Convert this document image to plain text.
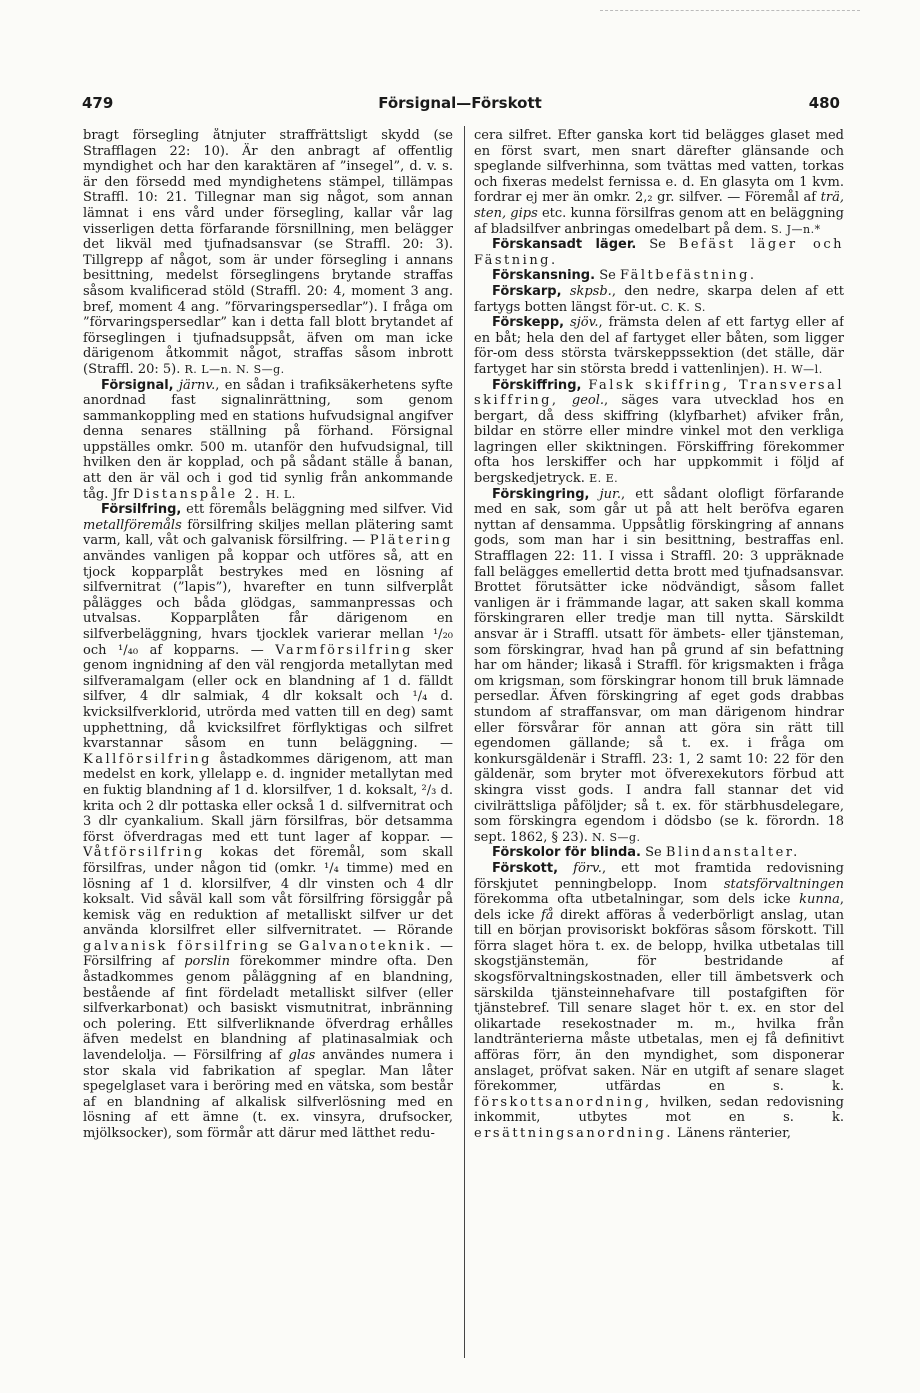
479	Försignal—Förskott	480

bragt försegling åtnjuter straffrättsligt skydd (se Strafflagen 22: 10). Är den anbragt af offentlig myndighet och har den karaktären af ”insegel”, d. v. s. är den försedd med myndighetens stämpel, tillämpas Straffl. 10: 21. Tillegnar man sig något, som annan lämnat i ens vård under försegling, kallar vår lag visserligen detta förfarande försnillning, men belägger det likväl med tjufnadsansvar (se Straffl. 20: 3). Tillgrepp af något, som är under försegling i annans besittning, medelst förseglingens brytande straffas såsom kvalificerad stöld (Straffl. 20: 4, moment 3 ang. bref, moment 4 ang. ”förvaringspersedlar”). I fråga om ”förvaringspersedlar” kan i detta fall blott brytandet af förseglingen i tjufnadsuppsåt, äfven om man icke därigenom åtkommit något, straffas såsom inbrott (Straffl. 20: 5). R. L—n. N. S—g.

Försignal, järnv., en sådan i trafiksäkerhetens syfte anordnad fast signalinrättning, som genom sammankoppling med en stations hufvudsignal angifver denna senares ställning på förhand. Försignal uppställes omkr. 500 m. utanför den hufvudsignal, till hvilken den är kopplad, och på sådant ställe å banan, att den är väl och i god tid synlig från ankommande tåg. Jfr Distanspåle 2. H. L.

Försilfring, ett föremåls beläggning med silfver. Vid metallföremåls försilfring skiljes mellan plätering samt varm, kall, våt och galvanisk försilfring. — Plätering användes vanligen på koppar och utföres så, att en tjock kopparplåt bestrykes med en lösning af silfvernitrat (”lapis”), hvarefter en tunn silfverplåt pålägges och båda glödgas, sammanpressas och utvalsas. Kopparplåten får därigenom en silfverbeläggning, hvars tjocklek varierar mellan ¹/₂₀ och ¹/₄₀ af kopparns. — Varmförsilfring sker genom ingnidning af den väl rengjorda metallytan med silfveramalgam (eller ock en blandning af 1 d. fälldt silfver, 4 dlr salmiak, 4 dlr koksalt och ¹/₄ d. kvicksilfverklorid, utrörda med vatten till en deg) samt upphettning, då kvicksilfret förflyktigas och silfret kvarstannar såsom en tunn beläggning. — Kallförsilfring åstadkommes därigenom, att man medelst en kork, yllelapp e. d. ingnider metallytan med en fuktig blandning af 1 d. klorsilfver, 1 d. koksalt, ²/₃ d. krita och 2 dlr pottaska eller också 1 d. silfvernitrat och 3 dlr cyankalium. Skall järn försilfras, bör detsamma först öfverdragas med ett tunt lager af koppar. — Våtförsilfring kokas det föremål, som skall försilfras, under någon tid (omkr. ¹/₄ timme) med en lösning af 1 d. klorsilfver, 4 dlr vinsten och 4 dlr koksalt. Vid såväl kall som våt försilfring försiggår på kemisk väg en reduktion af metalliskt silfver ur det använda klorsilfret eller silfvernitratet. — Rörande galvanisk försilfring se Galvanoteknik. — Försilfring af porslin förekommer mindre ofta. Den åstadkommes genom påläggning af en blandning, bestående af fint fördeladt metalliskt silfver (eller silfverkarbonat) och basiskt vismutnitrat, inbränning och polering. Ett silfverliknande öfverdrag erhålles äfven medelst en blandning af platinasalmiak och lavendelolja. — Försilfring af glas användes numera i stor skala vid fabrikation af speglar. Man låter spegelglaset vara i beröring med en vätska, som består af en blandning af alkalisk silfverlösning med en lösning af ett ämne (t. ex. vinsyra, drufsocker, mjölksocker), som förmår att därur med lätthet redu-

cera silfret. Efter ganska kort tid belägges glaset med en först svart, men snart därefter glänsande och speglande silfverhinna, som tvättas med vatten, torkas och fixeras medelst fernissa e. d. En glasyta om 1 kvm. fordrar ej mer än omkr. 2,₂ gr. silfver. — Föremål af trä, sten, gips etc. kunna försilfras genom att en beläggning af bladsilfver anbringas omedelbart på dem. S. J—n.*

Förskansadt läger. Se Befäst läger och Fästning.

Förskansning. Se Fältbefästning.

Förskarp, skpsb., den nedre, skarpa delen af ett fartygs botten längst för-ut. C. K. S.

Förskepp, sjöv., främsta delen af ett fartyg eller af en båt; hela den del af fartyget eller båten, som ligger för-om dess största tvärskeppssektion (det ställe, där fartyget har sin största bredd i vattenlinjen). H. W—l.

Förskiffring, Falsk skiffring, Transversal skiffring, geol., säges vara utvecklad hos en bergart, då dess skiffring (klyfbarhet) afviker från, bildar en större eller mindre vinkel mot den verkliga lagringen eller skiktningen. Förskiffring förekommer ofta hos lerskiffer och har uppkommit i följd af bergskedjetryck. E. E.

Förskingring, jur., ett sådant olofligt förfarande med en sak, som går ut på att helt beröfva egaren nyttan af densamma. Uppsåtlig förskingring af annans gods, som man har i sin besittning, bestraffas enl. Strafflagen 22: 11. I vissa i Straffl. 20: 3 uppräknade fall belägges emellertid detta brott med tjufnadsansvar. Brottet förutsätter icke nödvändigt, såsom fallet vanligen är i främmande lagar, att saken skall komma förskingraren eller tredje man till nytta. Särskildt ansvar är i Straffl. utsatt för ämbets- eller tjänsteman, som förskingrar, hvad han på grund af sin befattning har om händer; likaså i Straffl. för krigsmakten i fråga om krigsman, som förskingrar honom till bruk lämnade persedlar. Äfven förskingring af eget gods drabbas stundom af straffansvar, om man därigenom hindrar eller försvårar för annan att göra sin rätt till egendomen gällande; så t. ex. i fråga om konkursgäldenär i Straffl. 23: 1, 2 samt 10: 22 för den gäldenär, som bryter mot öfverexekutors förbud att skingra visst gods. I andra fall stannar det vid civilrättsliga påföljder; så t. ex. för stärbhusdelegare, som förskingra egendom i dödsbo (se k. förordn. 18 sept. 1862, § 23). N. S—g.

Förskolor för blinda. Se Blindanstalter.

Förskott, förv., ett mot framtida redovisning förskjutet penningbelopp. Inom statsförvaltningen förekomma ofta utbetalningar, som dels icke kunna, dels icke få direkt afföras å vederbörligt anslag, utan till en början provisoriskt bokföras såsom förskott. Till förra slaget höra t. ex. de belopp, hvilka utbetalas till skogstjänstemän, för bestridande af skogsförvaltningskostnaden, eller till ämbetsverk och särskilda tjänsteinnehafvare till postafgiften för tjänstebref. Till senare slaget hör t. ex. en stor del olikartade resekostnader m. m., hvilka från landtränterierna måste utbetalas, men ej få definitivt afföras förr, än den myndighet, som disponerar anslaget, pröfvat saken. När en utgift af senare slaget förekommer, utfärdas en s. k. förskottsanordning, hvilken, sedan redovisning inkommit, utbytes mot en s. k. ersättningsanordning. Länens ränterier,
